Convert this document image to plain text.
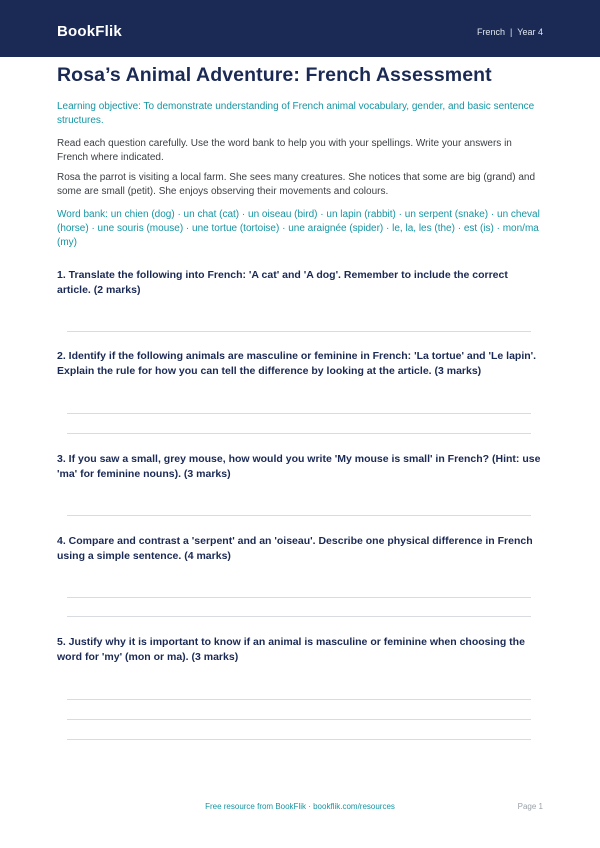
BookFlik	French | Year 4
Rosa’s Animal Adventure: French Assessment

Learning objective: To demonstrate understanding of French animal vocabulary, gender, and basic sentence structures.

Read each question carefully. Use the word bank to help you with your spellings. Write your answers in French where indicated.

Rosa the parrot is visiting a local farm. She sees many creatures. She notices that some are big (grand) and some are small (petit). She enjoys observing their movements and colours.

Word bank: un chien (dog) · un chat (cat) · un oiseau (bird) · un lapin (rabbit) · un serpent (snake) · un cheval (horse) · une souris (mouse) · une tortue (tortoise) · une araignée (spider) · le, la, les (the) · est (is) · mon/ma (my)

1. Translate the following into French: 'A cat' and 'A dog'. Remember to include the correct article. (2 marks)

2. Identify if the following animals are masculine or feminine in French: 'La tortue' and 'Le lapin'. Explain the rule for how you can tell the difference by looking at the article. (3 marks)

3. If you saw a small, grey mouse, how would you write 'My mouse is small' in French? (Hint: use 'ma' for feminine nouns). (3 marks)

4. Compare and contrast a 'serpent' and an 'oiseau'. Describe one physical difference in French using a simple sentence. (4 marks)

5. Justify why it is important to know if an animal is masculine or feminine when choosing the word for 'my' (mon or ma). (3 marks)

Free resource from BookFlik · bookflik.com/resources	Page 1
